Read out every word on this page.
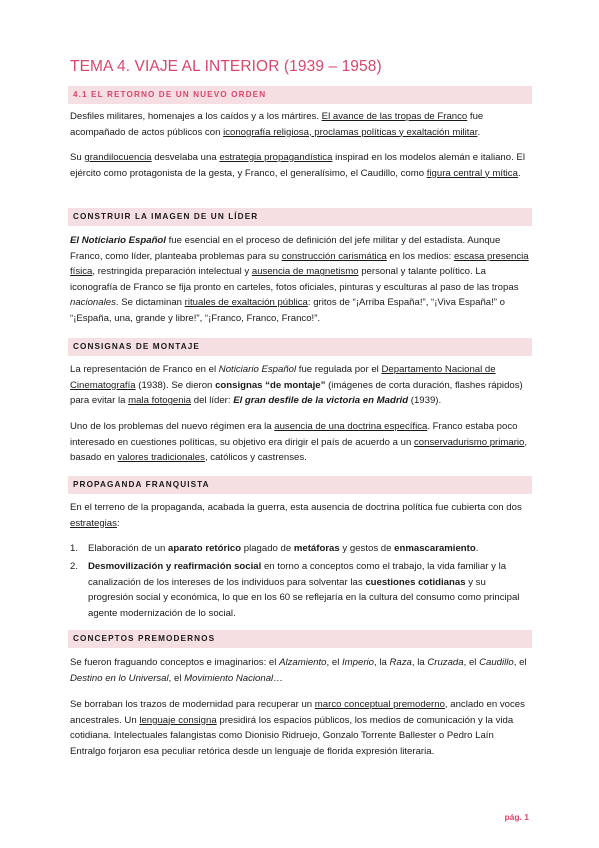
TEMA 4. VIAJE AL INTERIOR (1939 – 1958)
4.1 EL RETORNO DE UN NUEVO ORDEN
Desfiles militares, homenajes a los caídos y a los mártires. El avance de las tropas de Franco fue acompañado de actos públicos con iconografía religiosa, proclamas políticas y exaltación militar.
Su grandilocuencia desvelaba una estrategia propagandística inspirad en los modelos alemán e italiano. El ejército como protagonista de la gesta, y Franco, el generalísimo, el Caudillo, como figura central y mítica.
CONSTRUIR LA IMAGEN DE UN LÍDER
El Noticiario Español fue esencial en el proceso de definición del jefe militar y del estadista. Aunque Franco, como líder, planteaba problemas para su construcción carismática en los medios: escasa presencia física, restringida preparación intelectual y ausencia de magnetismo personal y talante político. La iconografía de Franco se fija pronto en carteles, fotos oficiales, pinturas y esculturas al paso de las tropas nacionales. Se dictaminan rituales de exaltación pública: gritos de “¡Arriba España!”, “¡Viva España!” o “¡España, una, grande y libre!”, “¡Franco, Franco, Franco!”.
CONSIGNAS DE MONTAJE
La representación de Franco en el Noticiario Español fue regulada por el Departamento Nacional de Cinematografía (1938). Se dieron consignas “de montaje” (imágenes de corta duración, flashes rápidos) para evitar la mala fotogenia del líder: El gran desfile de la victoria en Madrid (1939).
Uno de los problemas del nuevo régimen era la ausencia de una doctrina específica. Franco estaba poco interesado en cuestiones políticas, su objetivo era dirigir el país de acuerdo a un conservadurismo primario, basado en valores tradicionales, católicos y castrenses.
PROPAGANDA FRANQUISTA
En el terreno de la propaganda, acabada la guerra, esta ausencia de doctrina política fue cubierta con dos estrategias:
1. Elaboración de un aparato retórico plagado de metáforas y gestos de enmascaramiento.
2. Desmovilización y reafirmación social en torno a conceptos como el trabajo, la vida familiar y la canalización de los intereses de los individuos para solventar las cuestiones cotidianas y su progresión social y económica, lo que en los 60 se reflejaría en la cultura del consumo como principal agente modernización de lo social.
CONCEPTOS PREMODERNOS
Se fueron fraguando conceptos e imaginarios: el Alzamiento, el Imperio, la Raza, la Cruzada, el Caudillo, el Destino en lo Universal, el Movimiento Nacional…
Se borraban los trazos de modernidad para recuperar un marco conceptual premoderno, anclado en voces ancestrales. Un lenguaje consigna presidirá los espacios públicos, los medios de comunicación y la vida cotidiana. Intelectuales falangistas como Dionisio Ridruejo, Gonzalo Torrente Ballester o Pedro Laín Entralgo forjaron esa peculiar retórica desde un lenguaje de florida expresión literaria.
pág. 1
